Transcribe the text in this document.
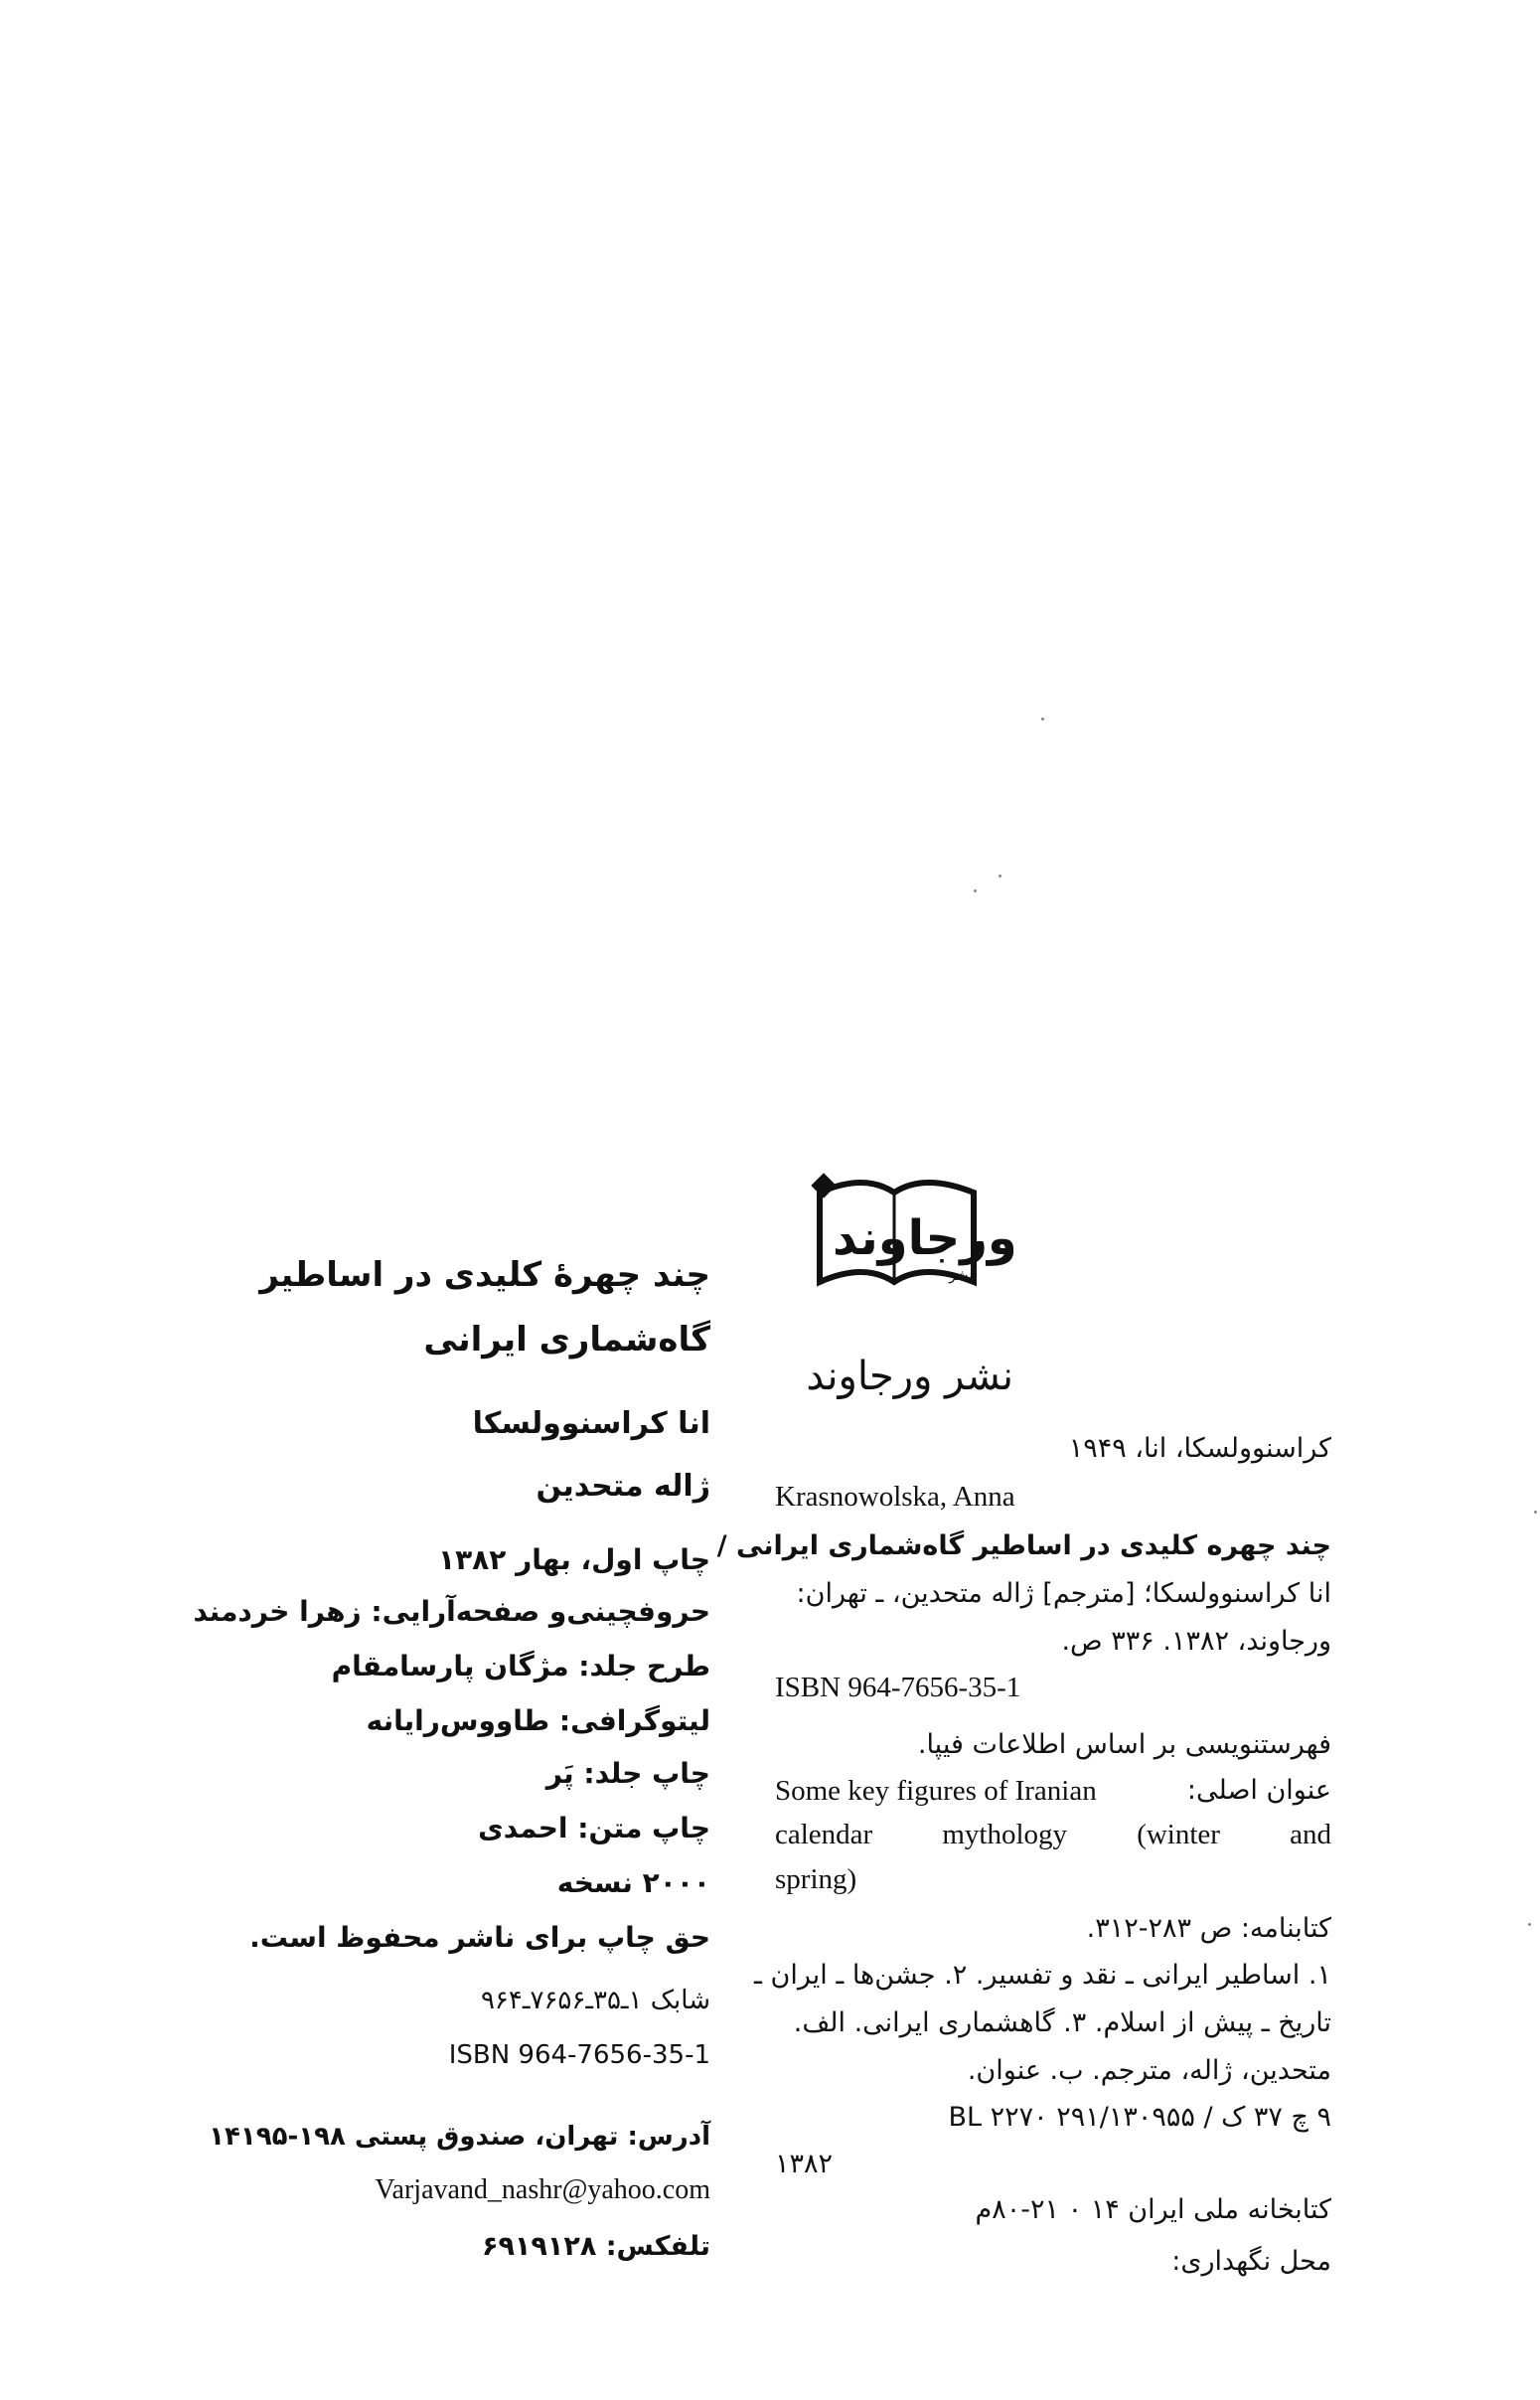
چند چهرهٔ کلیدی در اساطیر
گاه‌شماری ایرانی
انا کراسنوولسکا
ژاله متحدین
چاپ اول، بهار ۱۳۸۲
حروفچینی‌و صفحه‌آرایی: زهرا خردمند
طرح جلد: مژگان پارسامقام
لیتوگرافی: طاووس‌رایانه
چاپ جلد: پَر
چاپ متن: احمدی
۲۰۰۰ نسخه
حق چاپ برای ناشر محفوظ است.
شابک ۱ـ۳۵ـ۷۶۵۶ـ۹۶۴
ISBN 964-7656-35-1
آدرس: تهران، صندوق پستی ۱۹۸-۱۴۱۹۵
Varjavand_nashr@yahoo.com
تلفکس: ۶۹۱۹۱۲۸
ورجاوند
نشر
نشر ورجاوند
کراسنوولسکا، انا، ۱۹۴۹
Krasnowolska, Anna
چند چهره کلیدی در اساطیر گاه‌شماری ایرانی /
انا کراسنوولسکا؛ [مترجم] ژاله متحدین، ـ تهران:
ورجاوند، ۱۳۸۲. ۳۳۶ ص.
ISBN 964-7656-35-1
فهرستنویسی بر اساس اطلاعات فیپا.
Some key figures of Iranian	عنوان اصلی:
calendar mythology (winter and
spring)
کتابنامه: ص ۲۸۳-۳۱۲.
۱. اساطیر ایرانی ـ نقد و تفسیر. ۲. جشن‌ها ـ ایران ـ
تاریخ ـ پیش از اسلام. ۳. گاهشماری ایرانی. الف.
متحدین، ژاله، مترجم. ب. عنوان.
۹ چ ۳۷ ک / BL ۲۲۷۰ ۲۹۱/۱۳۰۹۵۵
۱۳۸۲
کتابخانه ملی ایران ۱۴ ۰ ۲۱-۸۰م
محل نگهداری:
